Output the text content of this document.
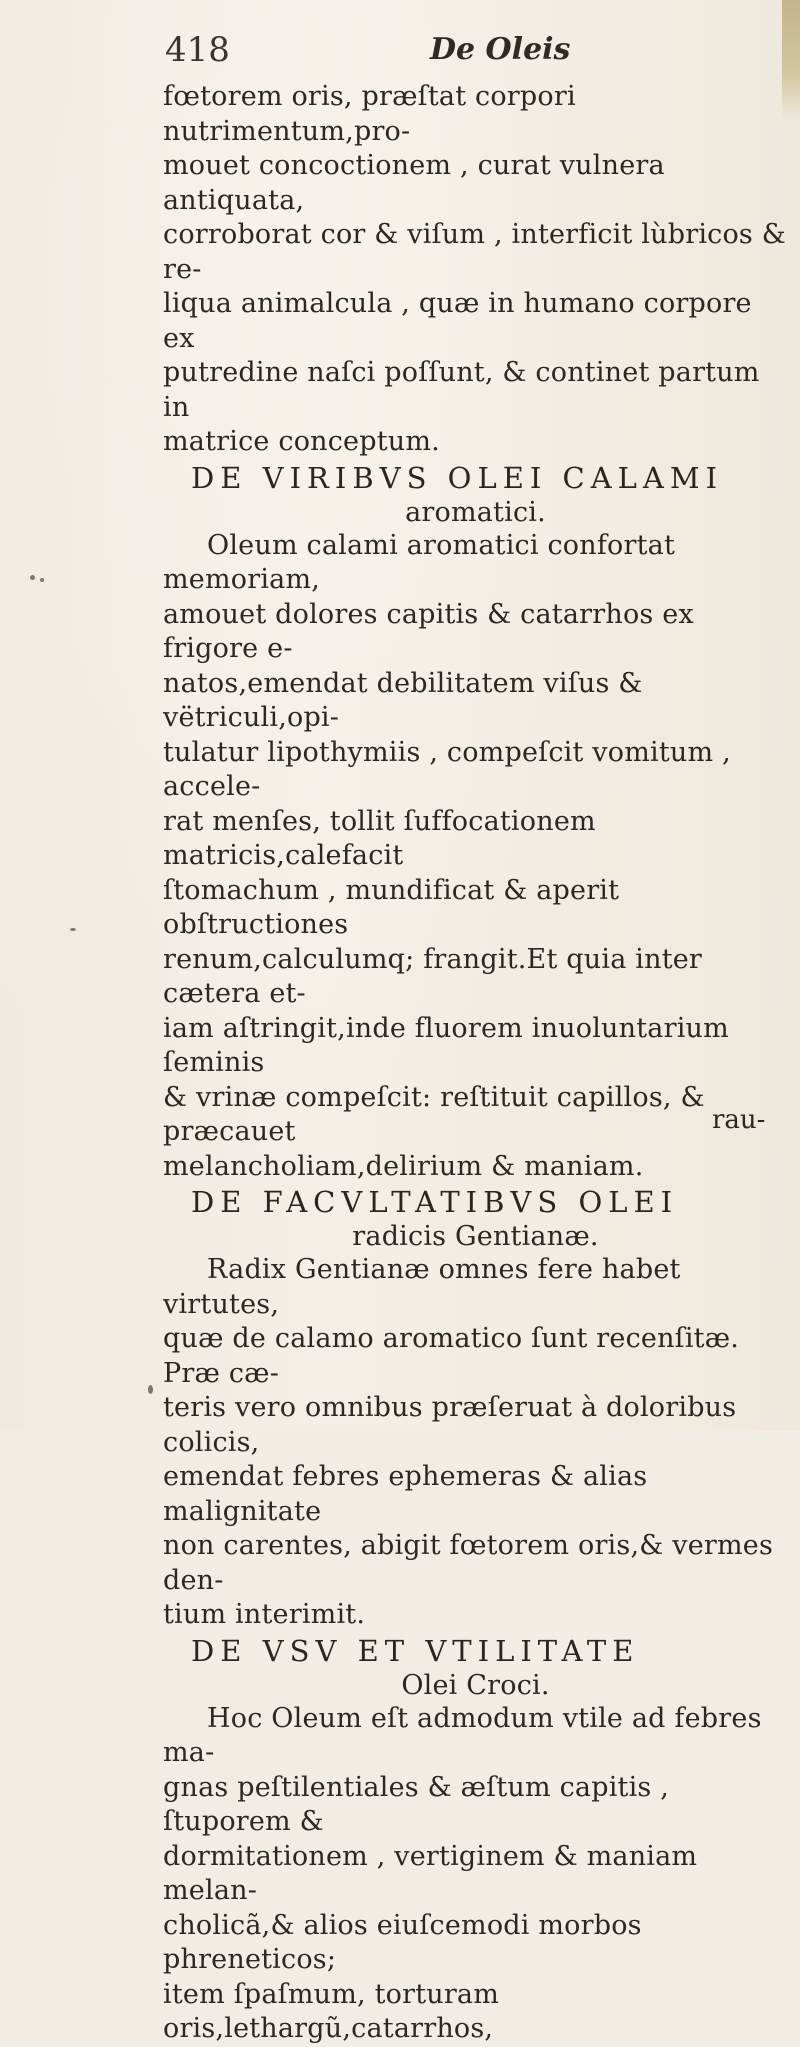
418	De Oleis

fœtorem oris, præſtat corpori nutrimentum,pro-
mouet concoctionem , curat vulnera antiquata,
corroborat cor & viſum , interficit lùbricos & re-
liqua animalcula , quæ in humano corpore ex
putredine naſci poſſunt, & continet partum in
matrice conceptum.

DE VIRIBVS OLEI CALAMI

aromatici.

Oleum calami aromatici confortat memoriam,
amouet dolores capitis & catarrhos ex frigore e-
natos,emendat debilitatem viſus & vëtriculi,opi-
tulatur lipothymiis , compeſcit vomitum , accele-
rat menſes, tollit ſuffocationem matricis,calefacit
ſtomachum , mundificat & aperit obſtructiones
renum,calculumq; frangit.Et quia inter cætera et-
iam aſtringit,inde fluorem inuoluntarium ſeminis
& vrinæ compeſcit: reſtituit capillos, & præcauet
melancholiam,delirium & maniam.

DE FACVLTATIBVS OLEI

radicis Gentianæ.

Radix Gentianæ omnes fere habet virtutes,
quæ de calamo aromatico ſunt recenſitæ. Præ cæ-
teris vero omnibus præſeruat à doloribus colicis,
emendat febres ephemeras & alias malignitate
non carentes, abigit fœtorem oris,& vermes den-
tium interimit.

DE VSV ET VTILITATE

Olei Croci.

Hoc Oleum eſt admodum vtile ad febres ma-
gnas peſtilentiales & æſtum capitis , ſtuporem &
dormitationem , vertiginem & maniam melan-
cholicã,& alios eiuſcemodi morbos phreneticos;
item ſpaſmum, torturam oris,lethargũ,catarrhos,

rau-
